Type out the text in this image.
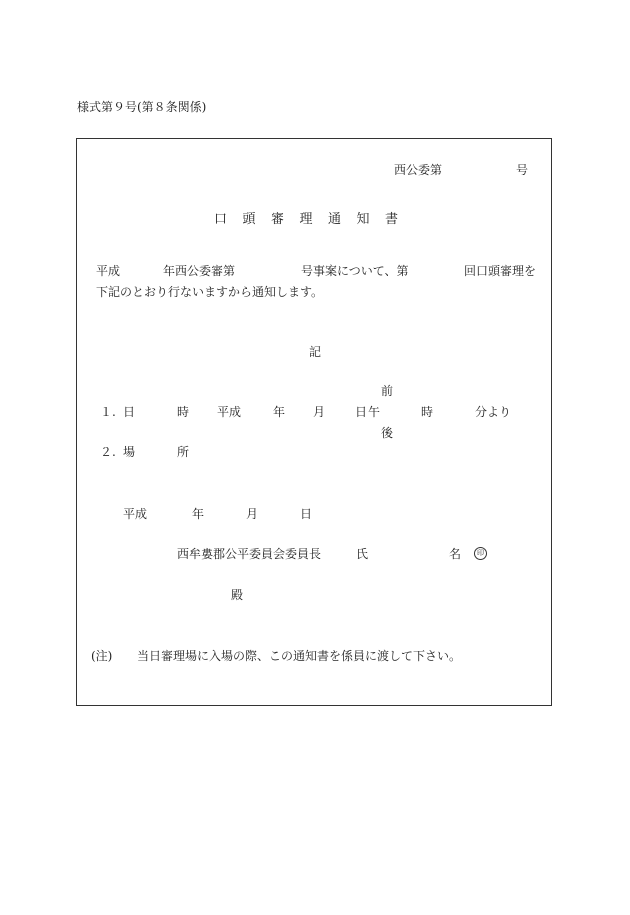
様式第９号(第８条関係)
西公委第	号
口頭審理通知書
平成	年西公委審第	号事案について、第	回口頭審理を
下記のとおり行ないますから通知します。
記
前
１. 日	時 平成	年 月 日 午	時	分より
後
２. 場	所
平成	年	月	日
西牟婁郡公平委員会委員長	氏	名	印
殿
(注) 当日審理場に入場の際、この通知書を係員に渡して下さい。
